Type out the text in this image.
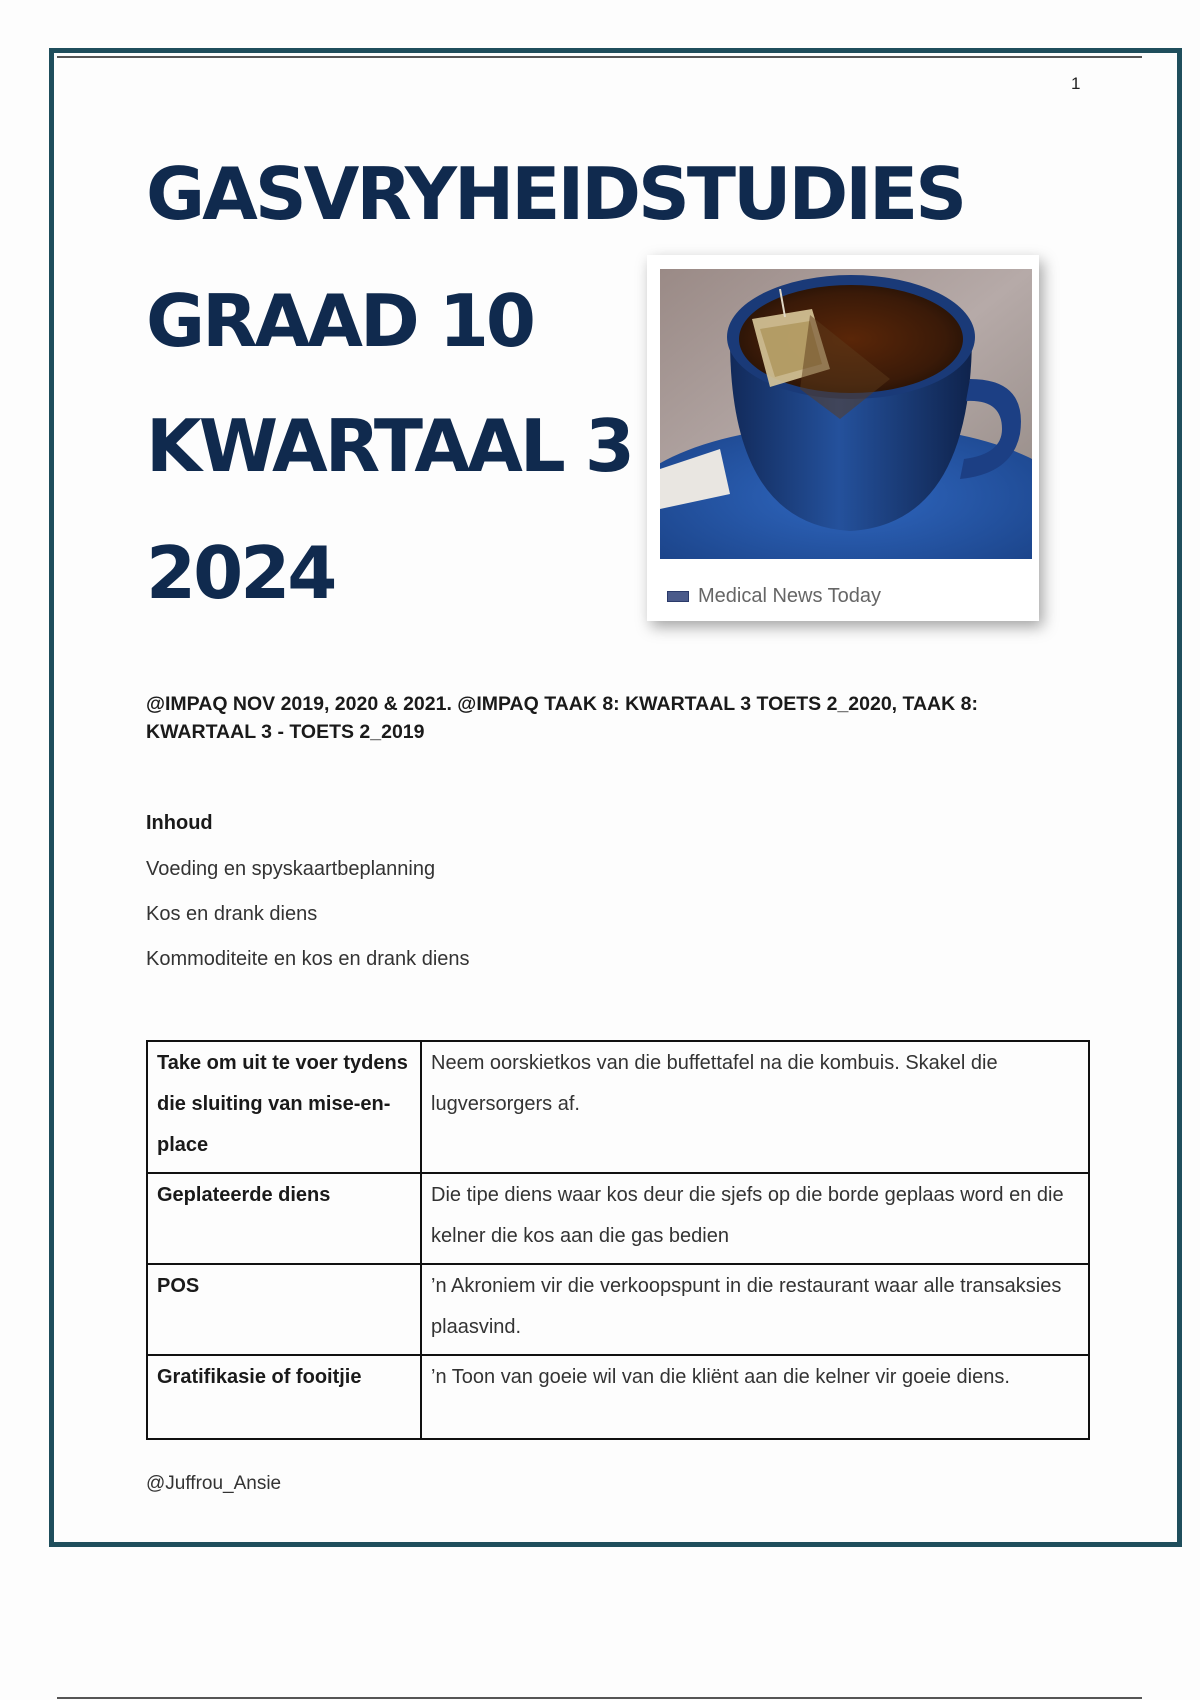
1
GASVRYHEIDSTUDIES
GRAAD 10
KWARTAAL 3
2024	Medical News Today

@IMPAQ NOV 2019, 2020 & 2021. @IMPAQ TAAK 8: KWARTAAL 3 TOETS 2_2020, TAAK 8: KWARTAAL 3 - TOETS 2_2019

Inhoud

Voeding en spyskaartbeplanning
Kos en drank diens
Kommoditeite en kos en drank diens
Take om uit te voer tydens die sluiting van mise-en-place	Neem oorskietkos van die buffettafel na die kombuis. Skakel die lugversorgers af.
Geplateerde diens	Die tipe diens waar kos deur die sjefs op die borde geplaas word en die kelner die kos aan die gas bedien
POS	’n Akroniem vir die verkoopspunt in die restaurant waar alle transaksies plaasvind.
Gratifikasie of fooitjie	’n Toon van goeie wil van die kliënt aan die kelner vir goeie diens.
@Juffrou_Ansie
